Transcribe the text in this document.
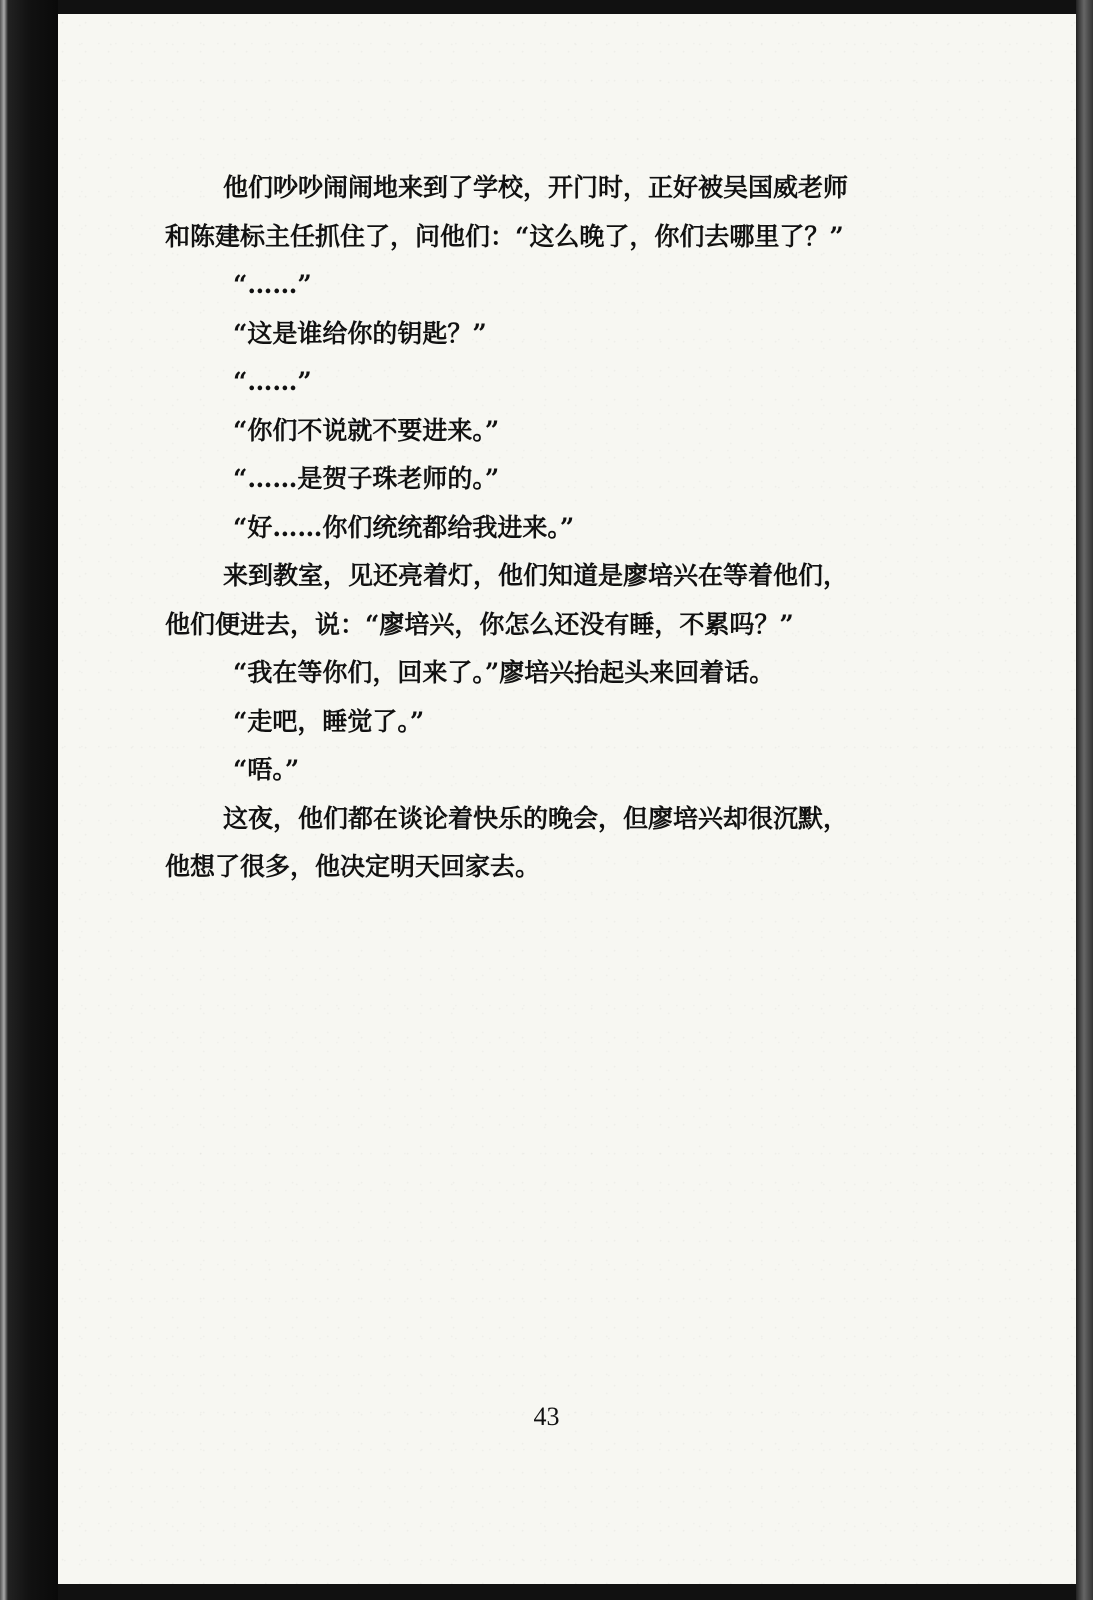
他们吵吵闹闹地来到了学校，开门时，正好被吴国威老师
和陈建标主任抓住了，问他们：“这么晚了，你们去哪里了？”
“……”
“这是谁给你的钥匙？”
“……”
“你们不说就不要进来。”
“……是贺子珠老师的。”
“好……你们统统都给我进来。”
来到教室，见还亮着灯，他们知道是廖培兴在等着他们，
他们便进去，说：“廖培兴，你怎么还没有睡，不累吗？”
“我在等你们，回来了。”廖培兴抬起头来回着话。
“走吧，睡觉了。”
“唔。”
这夜，他们都在谈论着快乐的晚会，但廖培兴却很沉默，
他想了很多，他决定明天回家去。
43
